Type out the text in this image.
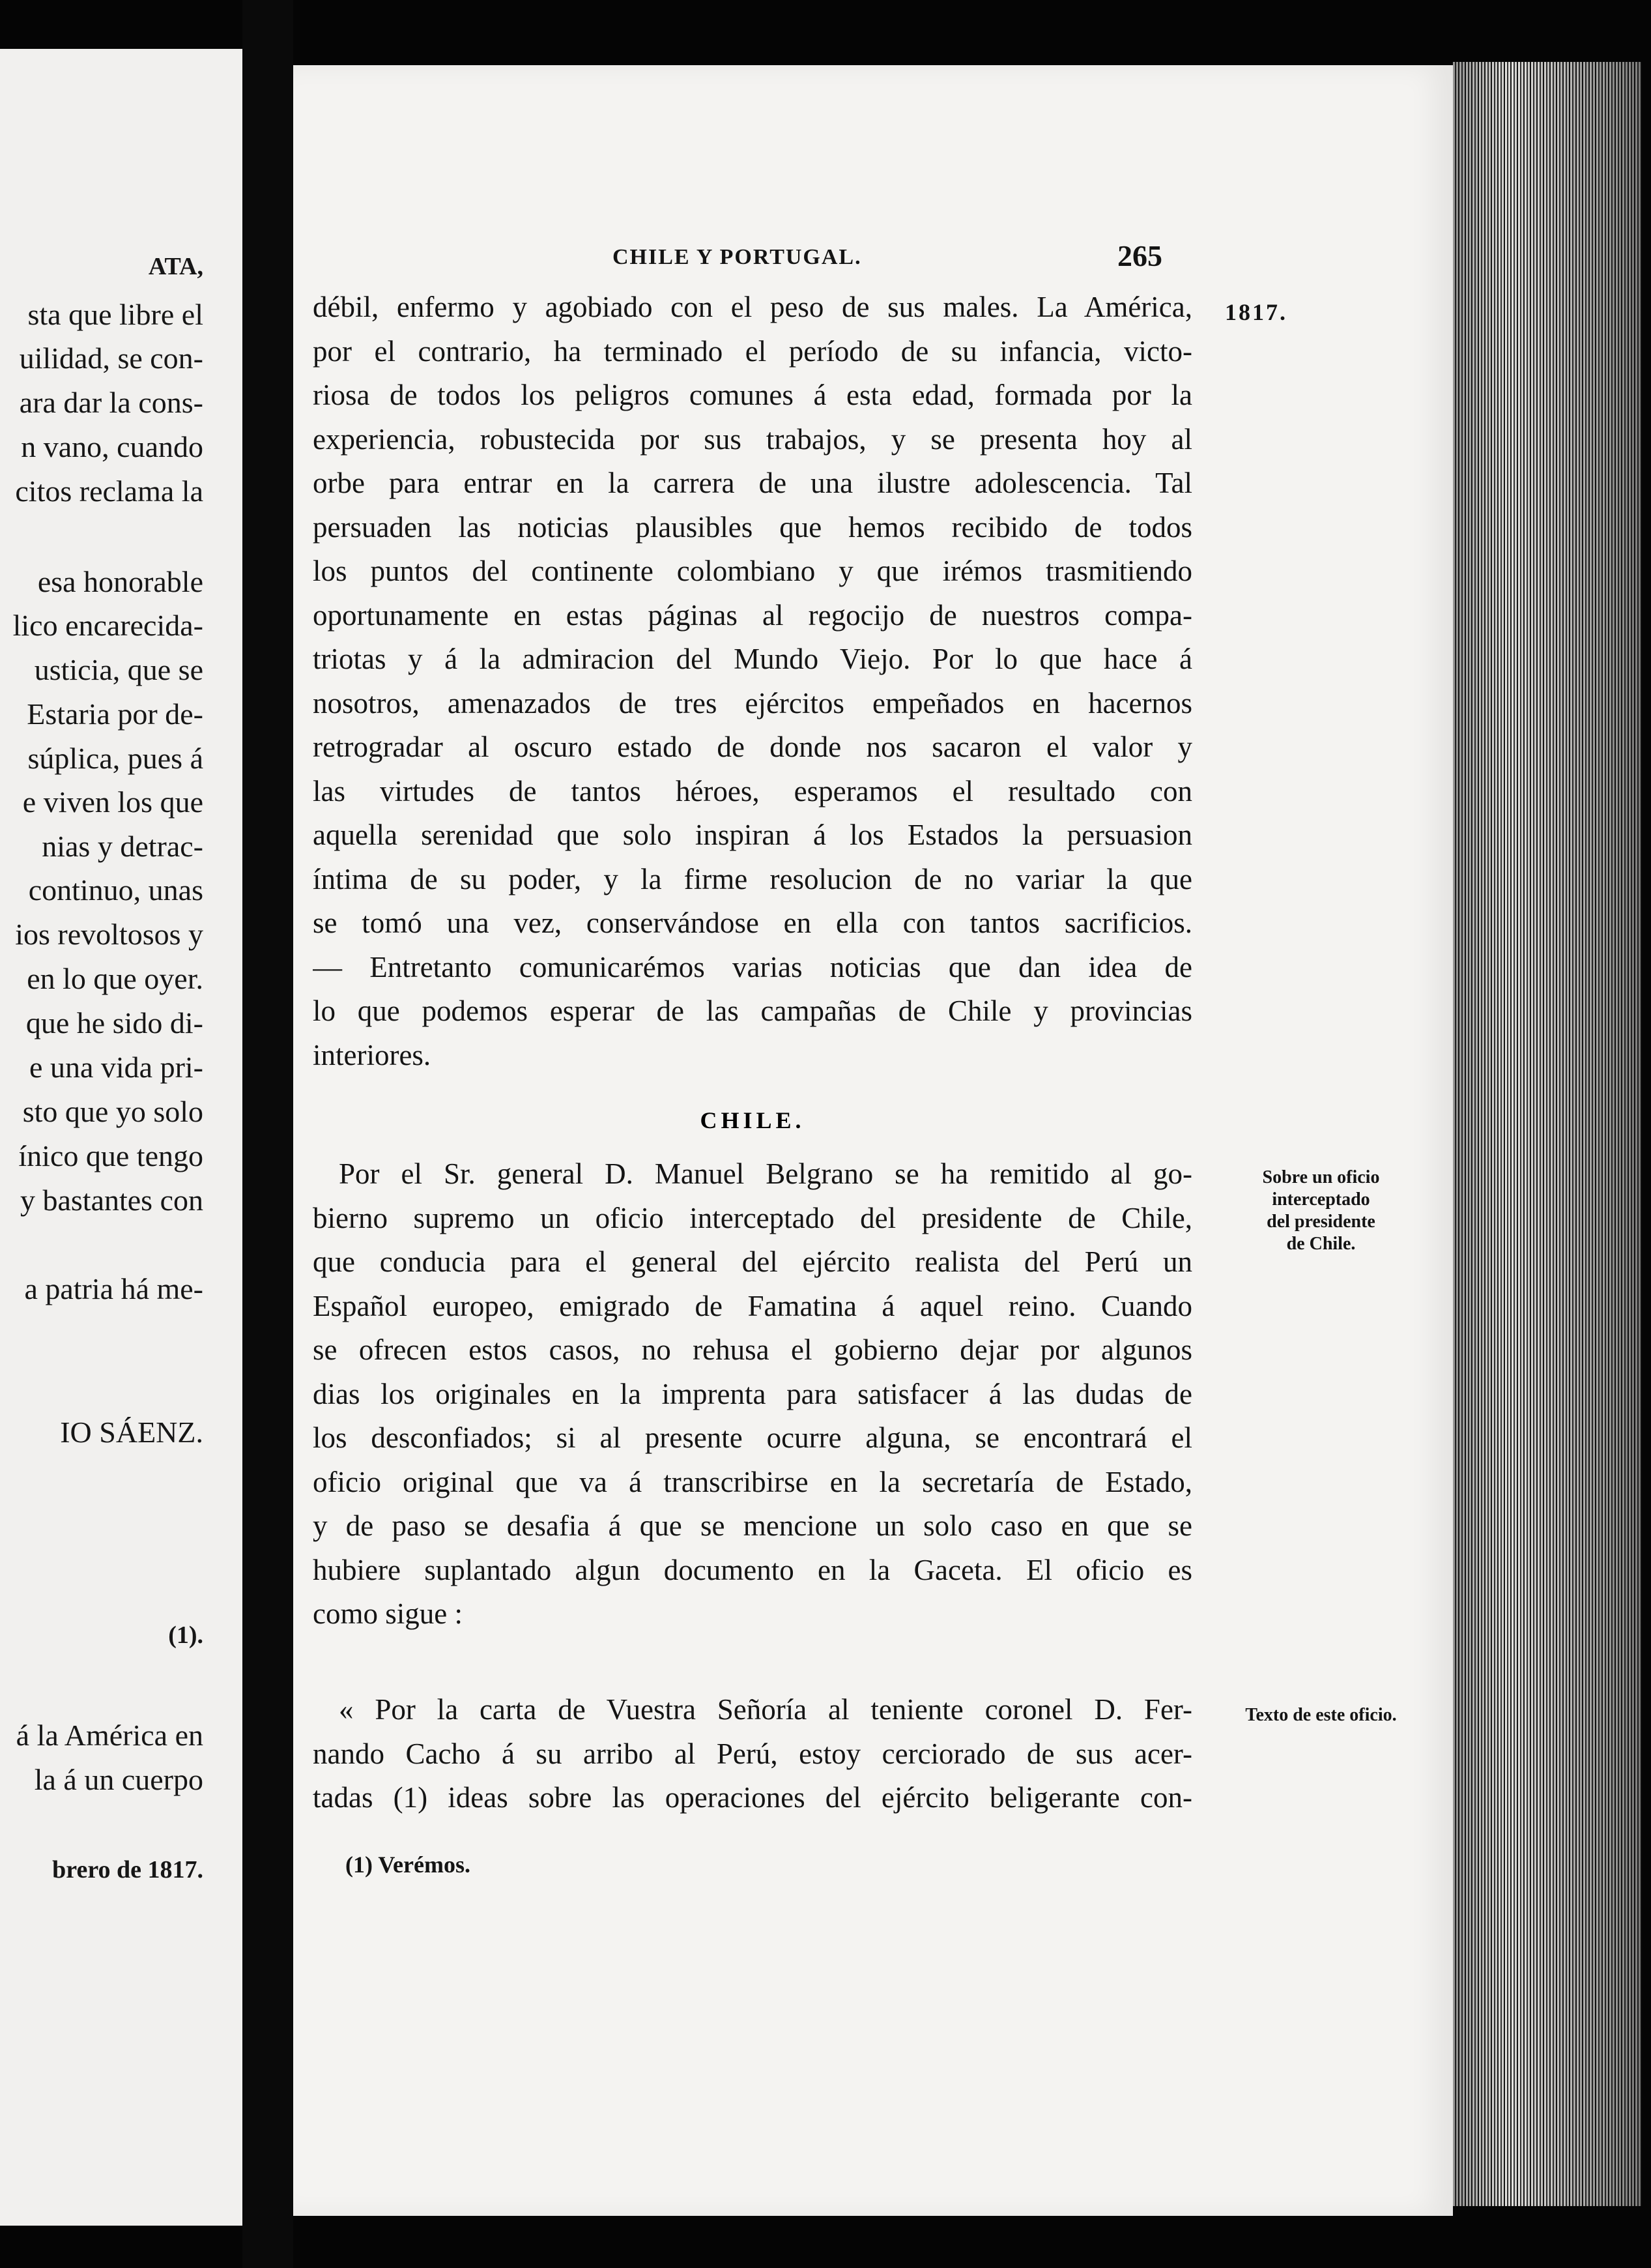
ATA,
sta que libre el
uilidad, se con-
ara dar la cons-
n vano, cuando
citos reclama la
esa honorable
lico encarecida-
usticia, que se
Estaria por de-
súplica, pues á
e viven los que
nias y detrac-
continuo, unas
ios revoltosos y
en lo que oyer.
que he sido di-
e una vida pri-
sto que yo solo
ínico que tengo
y bastantes con
a patria há me-
IO SÁENZ.
(1).
á la América en
la á un cuerpo
brero de 1817.
CHILE Y PORTUGAL.	265
1817.
débil, enfermo y agobiado con el peso de sus males. La América,
por el contrario, ha terminado el período de su infancia, victo-
riosa de todos los peligros comunes á esta edad, formada por la
experiencia, robustecida por sus trabajos, y se presenta hoy al
orbe para entrar en la carrera de una ilustre adolescencia. Tal
persuaden las noticias plausibles que hemos recibido de todos
los puntos del continente colombiano y que irémos trasmitiendo
oportunamente en estas páginas al regocijo de nuestros compa-
triotas y á la admiracion del Mundo Viejo. Por lo que hace á
nosotros, amenazados de tres ejércitos empeñados en hacernos
retrogradar al oscuro estado de donde nos sacaron el valor y
las virtudes de tantos héroes, esperamos el resultado con
aquella serenidad que solo inspiran á los Estados la persuasion
íntima de su poder, y la firme resolucion de no variar la que
se tomó una vez, conservándose en ella con tantos sacrificios.
— Entretanto comunicarémos varias noticias que dan idea de
lo que podemos esperar de las campañas de Chile y provincias
interiores.
CHILE.
Sobre un oficio
interceptado
del presidente
de Chile.
Por el Sr. general D. Manuel Belgrano se ha remitido al go-
bierno supremo un oficio interceptado del presidente de Chile,
que conducia para el general del ejército realista del Perú un
Español europeo, emigrado de Famatina á aquel reino. Cuando
se ofrecen estos casos, no rehusa el gobierno dejar por algunos
dias los originales en la imprenta para satisfacer á las dudas de
los desconfiados; si al presente ocurre alguna, se encontrará el
oficio original que va á transcribirse en la secretaría de Estado,
y de paso se desafia á que se mencione un solo caso en que se
hubiere suplantado algun documento en la Gaceta. El oficio es
como sigue :
Texto de este oficio.
« Por la carta de Vuestra Señoría al teniente coronel D. Fer-
nando Cacho á su arribo al Perú, estoy cerciorado de sus acer-
tadas (1) ideas sobre las operaciones del ejército beligerante con-
(1) Verémos.
